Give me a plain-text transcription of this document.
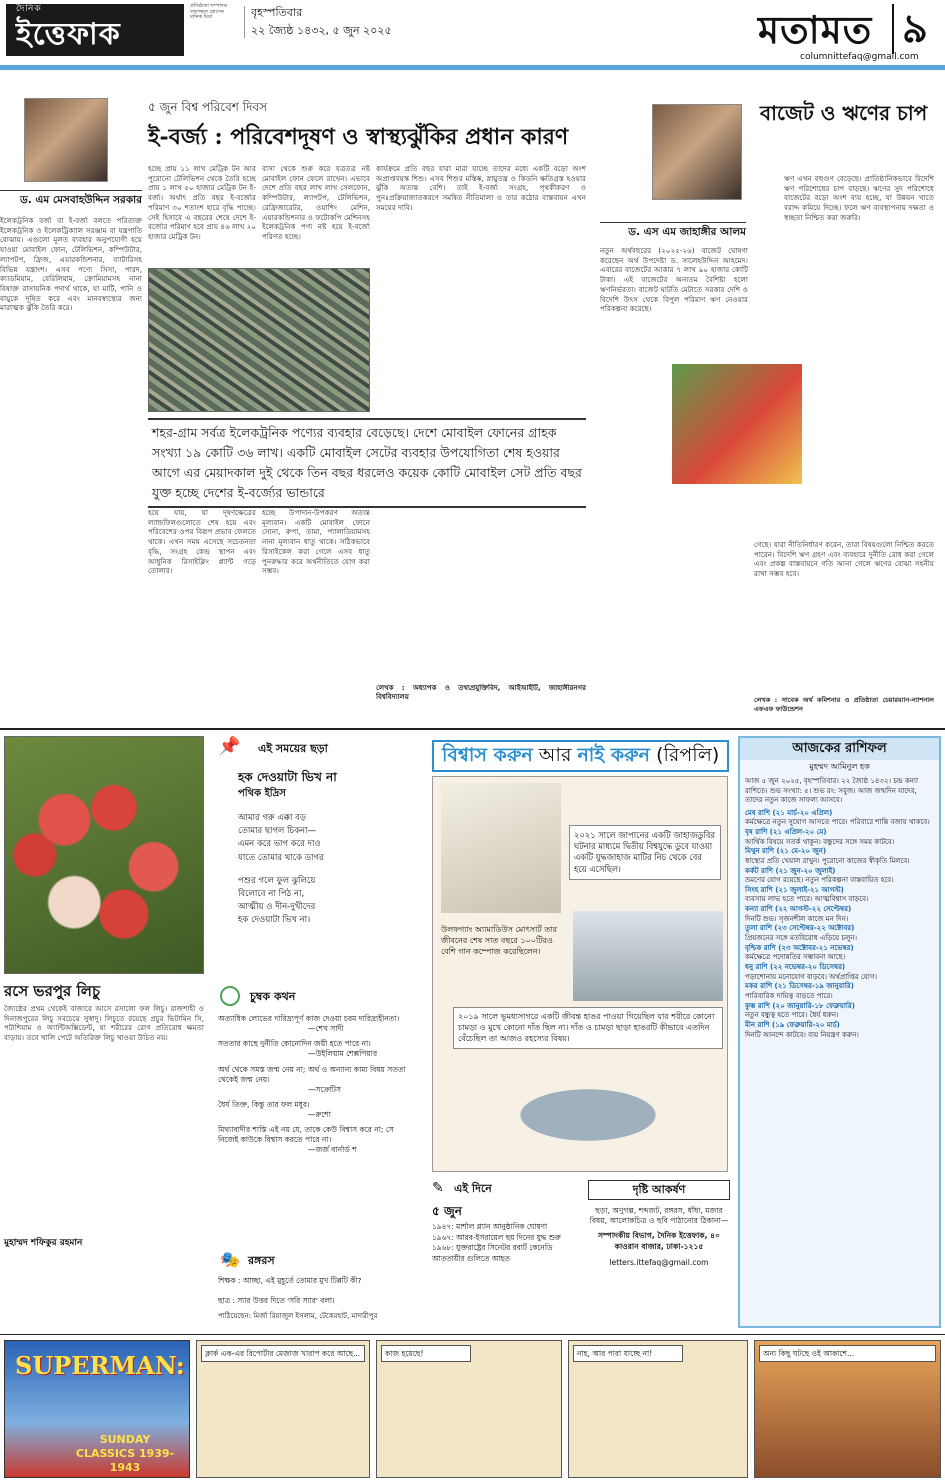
দৈনিক
ইত্তেফাক
প্রতিষ্ঠাতা সম্পাদক তফাজ্জল হোসেন মানিক মিয়া	বৃহস্পতিবার
২২ জ্যৈষ্ঠ ১৪৩২, ৫ জুন ২০২৫	মতামত ৯
columnittefaq@gmail.com
৫ জুন বিশ্ব পরিবেশ দিবস
ই-বর্জ্য : পরিবেশদূষণ ও স্বাস্থ্যঝুঁকির প্রধান কারণ
ড. এম মেসবাহউদ্দিন সরকার
ইলেকট্রনিক বর্জ্য বা ই-বর্জ্য বলতে পরিত্যক্ত ইলেকট্রনিক ও ইলেকট্রিক্যাল সরঞ্জাম বা যন্ত্রপাতি বোঝায়। এগুলো মূলত ব্যবহার অনুপযোগী হয়ে যাওয়া মোবাইল ফোন, টেলিভিশন, কম্পিউটার, ল্যাপটপ, ফ্রিজ, এয়ারকন্ডিশনার, ব্যাটারিসহ বিভিন্ন যন্ত্রাংশ। এসব পণ্যে সিসা, পারদ, ক্যাডমিয়াম, বেরিলিয়াম, ক্রোমিয়ামসহ নানা বিষাক্ত রাসায়নিক পদার্থ থাকে, যা মাটি, পানি ও বায়ুকে দূষিত করে এবং মানবস্বাস্থ্যের জন্য মারাত্মক ঝুঁকি তৈরি করে।
হচ্ছে প্রায় ১১ লাখ মেট্রিক টন আর পুরোনো টেলিভিশন থেকে তৈরি হচ্ছে প্রায় ১ লাখ ৫০ হাজার মেট্রিক টন ই-বর্জ্য। অর্থাৎ প্রতি বছর ই-বর্জ্যের পরিমাণ ৩০ শতাংশ হারে বৃদ্ধি পাচ্ছে। সেই হিসাবে এ বছরের শেষে দেশে ই-বর্জ্যের পরিমাণ হবে প্রায় ৪৬ লাখ ২০ হাজার মেট্রিক টন।
বাসা থেকে শুরু করে যত্রতত্র নষ্ট মোবাইল ফোন ফেলে রাখেন। এভাবে দেশে প্রতি বছর লাখ লাখ সেলফোন, কম্পিউটার, ল্যাপটপ, টেলিভিশন, রেফ্রিজারেটর, ওয়াশিং মেশিন, এয়ারকন্ডিশনার ও ফটোকপি মেশিনসহ ইলেকট্রনিক পণ্য নষ্ট হয়ে ই-বর্জ্যে পরিণত হচ্ছে।
কার্যক্রমে প্রতি বছর যারা মারা যাচ্ছে তাদের মধ্যে একটি বড়ো অংশ অপ্রাপ্তবয়স্ক শিশু। এসব শিশুর মস্তিষ্ক, স্নায়ুতন্ত্র ও কিডনি ক্ষতিগ্রস্ত হওয়ার ঝুঁকি অত্যন্ত বেশি। তাই ই-বর্জ্য সংগ্রহ, পৃথকীকরণ ও পুনঃপ্রক্রিয়াজাতকরণে সমন্বিত নীতিমালা ও তার কঠোর বাস্তবায়ন এখন সময়ের দাবি।
শহর-গ্রাম সর্বত্র ইলেকট্রনিক পণ্যের ব্যবহার বেড়েছে। দেশে মোবাইল ফোনের গ্রাহক সংখ্যা ১৯ কোটি ৩৬ লাখ। একটি মোবাইল সেটের ব্যবহার উপযোগিতা শেষ হওয়ার আগে এর মেয়াদকাল দুই থেকে তিন বছর ধরলেও কয়েক কোটি মোবাইল সেট প্রতি বছর যুক্ত হচ্ছে দেশের ই-বর্জ্যের ভান্ডারে
হয়ে যায়, যা দূষণক্ষেত্রের ল্যান্ডফিলগুলোতে শেষ হয়ে এবং পরিবেশের ওপর বিরূপ প্রভাব ফেলতে থাকে। এখন সময় এসেছে সচেতনতা বৃদ্ধি, সংগ্রহ কেন্দ্র স্থাপন এবং আধুনিক রিসাইক্লিং প্ল্যান্ট গড়ে তোলার।
হচ্ছে উপাদান-উপকরণ অত্যন্ত মূল্যবান। একটি মোবাইল ফোনে সোনা, রুপা, তামা, প্যালাডিয়ামসহ নানা মূল্যবান ধাতু থাকে। সঠিকভাবে রিসাইকেল করা গেলে এসব ধাতু পুনরুদ্ধার করে অর্থনীতিতে যোগ করা সম্ভব।
লেখক : অধ্যাপক ও তথ্যপ্রযুক্তিবিদ, আইআইটি, জাহাঙ্গীরনগর বিশ্ববিদ্যালয়
বাজেট ও ঋণের চাপ
ড. এস এম জাহাঙ্গীর আলম
নতুন অর্থবছরের (২০২৫-২৬) বাজেট ঘোষণা করেছেন অর্থ উপদেষ্টা ড. সালেহউদ্দিন আহমেদ। এবারের বাজেটের আকার ৭ লাখ ৯০ হাজার কোটি টাকা। এই বাজেটের অন্যতম বৈশিষ্ট্য হলো ঋণনির্ভরতা। বাজেট ঘাটতি মেটাতে সরকার দেশি ও বিদেশি উৎস থেকে বিপুল পরিমাণ ঋণ নেওয়ার পরিকল্পনা করেছে।
ঋণ এখন বহুগুণ বেড়েছে। প্রাতিষ্ঠানিকভাবে বিদেশি ঋণ পরিশোধের চাপ বাড়ছে। ঋণের সুদ পরিশোধে বাজেটের বড়ো অংশ ব্যয় হচ্ছে, যা উন্নয়ন খাতে বরাদ্দ কমিয়ে দিচ্ছে। ফলে ঋণ ব্যবস্থাপনায় দক্ষতা ও স্বচ্ছতা নিশ্চিত করা জরুরি।
গেছে। যারা নীতিনির্ধারণ করেন, তারা বিষয়গুলো নিশ্চিত করতে পারেন। বিদেশি ঋণ গ্রহণ এবং ব্যবহারে দুর্নীতি রোধ করা গেলে এবং প্রকল্প বাস্তবায়নে গতি আনা গেলে ঋণের বোঝা সহনীয় রাখা সম্ভব হবে।
লেখক : সাবেক অর্থ কমিশনার ও প্রতিষ্ঠাতা চেয়ারম্যান-ন্যাশনাল এফএফ ফাউন্ডেশন
রসে ভরপুর লিচু
জ্যৈষ্ঠের প্রথম থেকেই বাজারে আসে রসালো ফল লিচু। রাজশাহী ও দিনাজপুরের লিচু সবচেয়ে সুস্বাদু। লিচুতে রয়েছে প্রচুর ভিটামিন সি, পটাশিয়াম ও অ্যান্টিঅক্সিডেন্ট, যা শরীরের রোগ প্রতিরোধ ক্ষমতা বাড়ায়। তবে খালি পেটে অতিরিক্ত লিচু খাওয়া উচিত নয়।
মুহাম্মদ শফিকুর রহমান
📌 এই সময়ের ছড়া
হক দেওয়াটা ভিখ না
পথিক ইদ্রিস
আমার গরু এক্কা বড়
তোমার ছাগল চিকনা—
এমন করে ভাগ করে দাও
যাতে তোমার থাকে ডাগর
পশুর গলে ফুল ঝুলিয়ে
বিলোবে না পিঠ না,
আত্মীয় ও দীন-দুখীদের
হক দেওয়াটা ভিখ না।
চুম্বক কথন
অত্যাধিক লোভের দারিদ্র্যপূর্ণ কাজ দেওয়া চরম দারিদ্র্যহীনতা।
—শেখ সাদী
সততার কাছে দুর্নীতি কোনোদিন জয়ী হতে পারে না।
—উইলিয়াম শেক্সপিয়ার
অর্থ থেকে সমস্ত জন্ম নেয় না; অর্থ ও অন্যান্য কাম্য বিষয় সততা থেকেই জন্ম নেয়।
—সক্রেটিস
ধৈর্য তিক্ত, কিন্তু তার ফল মধুর।
—রুশো
মিথ্যাবাদীর শাস্তি এই নয় যে, তাকে কেউ বিশ্বাস করে না; সে নিজেই কাউকে বিশ্বাস করতে পারে না।
—জর্জ বার্নার্ড শ
🎭 রঙ্গরস
শিক্ষক : আচ্ছা, এই মুহূর্তে তোমার মুখ টিপ্পটি কী?
ছাত্র : স্যার উত্তর দিতে 'সরি স্যার' বলা।
পাঠিয়েছেন: মির্জা রিয়াজুল ইসলাম, টেকেরহাট, মাদারীপুর
বিশ্বাস করুন আর নাই করুন (রিপলি)
২০২১ সালে জাপানের একটি জাহাজডুবির ঘটনার মাধ্যমে দ্বিতীয় বিশ্বযুদ্ধে ডুবে যাওয়া একটি যুদ্ধজাহাজ মাটির নিচ থেকে বের হয়ে এসেছিল।
উলফগ্যাং অ্যামাডিউস মোৎসার্ট তার জীবনের শেষ সাত বছরে ১০০টিরও বেশি গান কম্পোজ করেছিলেন।
২০১৯ সালে ভূমধ্যসাগরে একটি জীবন্ত হাঙর পাওয়া গিয়েছিল যার শরীরে কোনো চামড়া ও মুখে কোনো দাঁত ছিল না। দাঁত ও চামড়া ছাড়া হাঙরটি কীভাবে এতদিন বেঁচেছিল তা আজও রহস্যের বিষয়।
✎ এই দিনে
৫ জুন
১৯৪৭: মার্শাল প্ল্যান আনুষ্ঠানিক ঘোষণা
১৯৬৭: আরব-ইসরায়েল ছয় দিনের যুদ্ধ শুরু
১৯৬৮: যুক্তরাষ্ট্রের সিনেটর রবার্ট কেনেডি আততায়ীর গুলিতে আহত
দৃষ্টি আকর্ষণ
ছড়া, অণুগল্প, শব্দজট, রঙ্গরস, ধাঁধা, মজার বিষয়, আলোকচিত্র ও ছবি পাঠানোর ঠিকানা—
সম্পাদকীয় বিভাগ, দৈনিক ইত্তেফাক, ৪০ কাওরান বাজার, ঢাকা-১২১৫
letters.ittefaq@gmail.com
আজকের রাশিফল
মুহম্মদ আমিনুল হক
আজ ৫ জুন ২০২৫, বৃহস্পতিবার। ২২ জ্যৈষ্ঠ ১৪৩২। চন্দ্র কন্যা রাশিতে। শুভ সংখ্যা: ৫। শুভ রং: সবুজ। আজ জন্মদিন যাদের, তাদের নতুন কাজে সাফল্য আসবে।
মেষ রাশি (২১ মার্চ-২০ এপ্রিল)
কর্মক্ষেত্রে নতুন সুযোগ আসতে পারে। পরিবারে শান্তি বজায় থাকবে।
বৃষ রাশি (২১ এপ্রিল-২০ মে)
আর্থিক বিষয়ে সতর্ক থাকুন। বন্ধুদের সঙ্গে সময় কাটবে।
মিথুন রাশি (২১ মে-২০ জুন)
স্বাস্থ্যের প্রতি খেয়াল রাখুন। পুরোনো কাজের স্বীকৃতি মিলবে।
কর্কট রাশি (২১ জুন-২০ জুলাই)
ভ্রমণের যোগ রয়েছে। নতুন পরিকল্পনা বাস্তবায়িত হবে।
সিংহ রাশি (২১ জুলাই-২১ আগস্ট)
ব্যবসায় লাভ হতে পারে। আত্মবিশ্বাস বাড়বে।
কন্যা রাশি (২২ আগস্ট-২২ সেপ্টেম্বর)
দিনটি শুভ। সৃজনশীল কাজে মন দিন।
তুলা রাশি (২৩ সেপ্টেম্বর-২২ অক্টোবর)
প্রিয়জনের সঙ্গে মতবিরোধ এড়িয়ে চলুন।
বৃশ্চিক রাশি (২৩ অক্টোবর-২১ নভেম্বর)
কর্মক্ষেত্রে পদোন্নতির সম্ভাবনা আছে।
ধনু রাশি (২২ নভেম্বর-২০ ডিসেম্বর)
পড়াশোনায় মনোযোগ বাড়বে। অর্থপ্রাপ্তির যোগ।
মকর রাশি (২১ ডিসেম্বর-১৯ জানুয়ারি)
পারিবারিক দায়িত্ব বাড়তে পারে।
কুম্ভ রাশি (২০ জানুয়ারি-১৮ ফেব্রুয়ারি)
নতুন বন্ধুত্ব হতে পারে। ধৈর্য ধরুন।
মীন রাশি (১৯ ফেব্রুয়ারি-২০ মার্চ)
দিনটি আনন্দে কাটবে। ব্যয় নিয়ন্ত্রণ করুন।
SUPERMAN:
SUNDAY CLASSICS 1939-1943
ক্লার্ক এক-এর রিপোর্টার মেজাজ খারাপ করে আছে...	কাজ হয়েছে!	নাহ, আর পারা যাচ্ছে না!	অন্য কিছু ঘটছে ওই আকাশে...
